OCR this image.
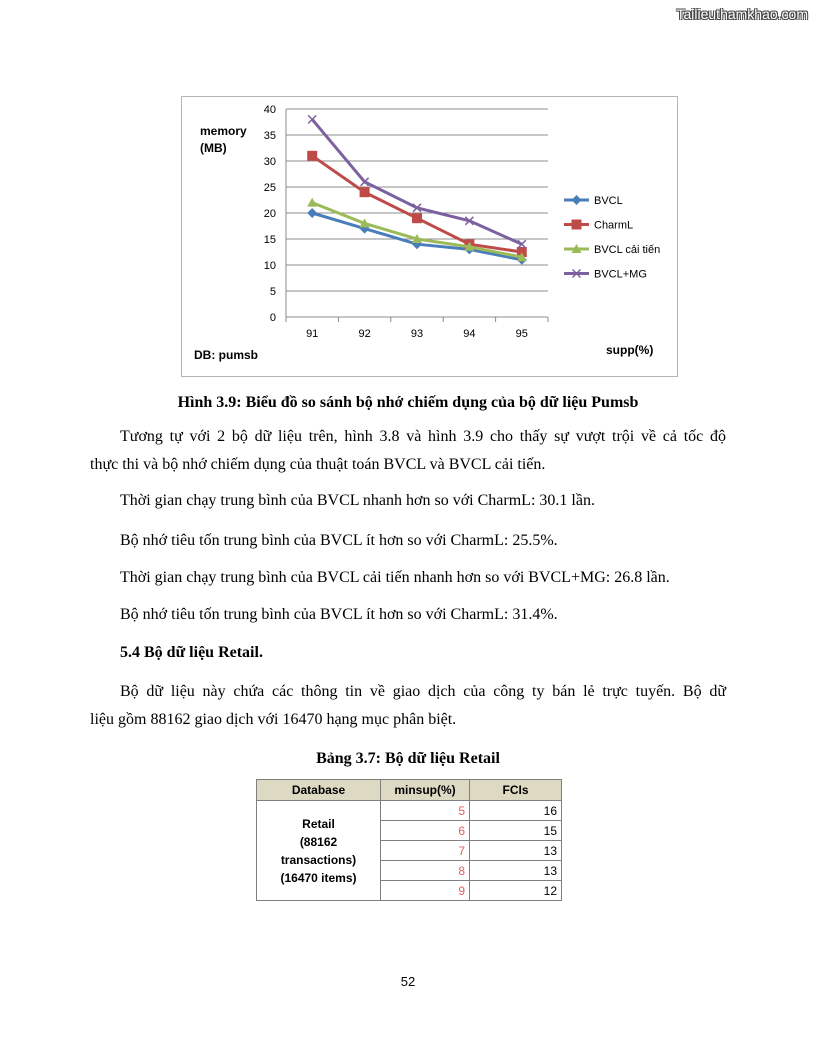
Tailieuthamkhao.com
0
5
10
15
20
25
30
35
40
91	92	93	94	95
memory
(MB)
supp(%)
DB: pumsb
BVCL
CharmL
BVCL cải tiến
BVCL+MG
Hình 3.9: Biểu đồ so sánh bộ nhớ chiếm dụng của bộ dữ liệu Pumsb
Tương tự với 2 bộ dữ liệu trên, hình 3.8 và hình 3.9 cho thấy sự vượt trội về cả tốc độ
thực thi và bộ nhớ chiếm dụng của thuật toán BVCL và BVCL cải tiến.
Thời gian chạy trung bình của BVCL nhanh hơn so với CharmL: 30.1 lần.
Bộ nhớ tiêu tốn trung bình của BVCL ít hơn so với CharmL: 25.5%.
Thời gian chạy trung bình của BVCL cải tiến nhanh hơn so với BVCL+MG: 26.8 lần.
Bộ nhớ tiêu tốn trung bình của BVCL ít hơn so với CharmL: 31.4%.
5.4 Bộ dữ liệu Retail.
Bộ dữ liệu này chứa các thông tin về giao dịch của công ty bán lẻ trực tuyến. Bộ dữ
liệu gồm 88162 giao dịch với 16470 hạng mục phân biệt.
Bảng 3.7: Bộ dữ liệu Retail
Database	minsup(%)	FCIs

Retail
(88162
transactions)
(16470 items)	5	16
	6	15
	7	13
	8	13
	9	12
52
